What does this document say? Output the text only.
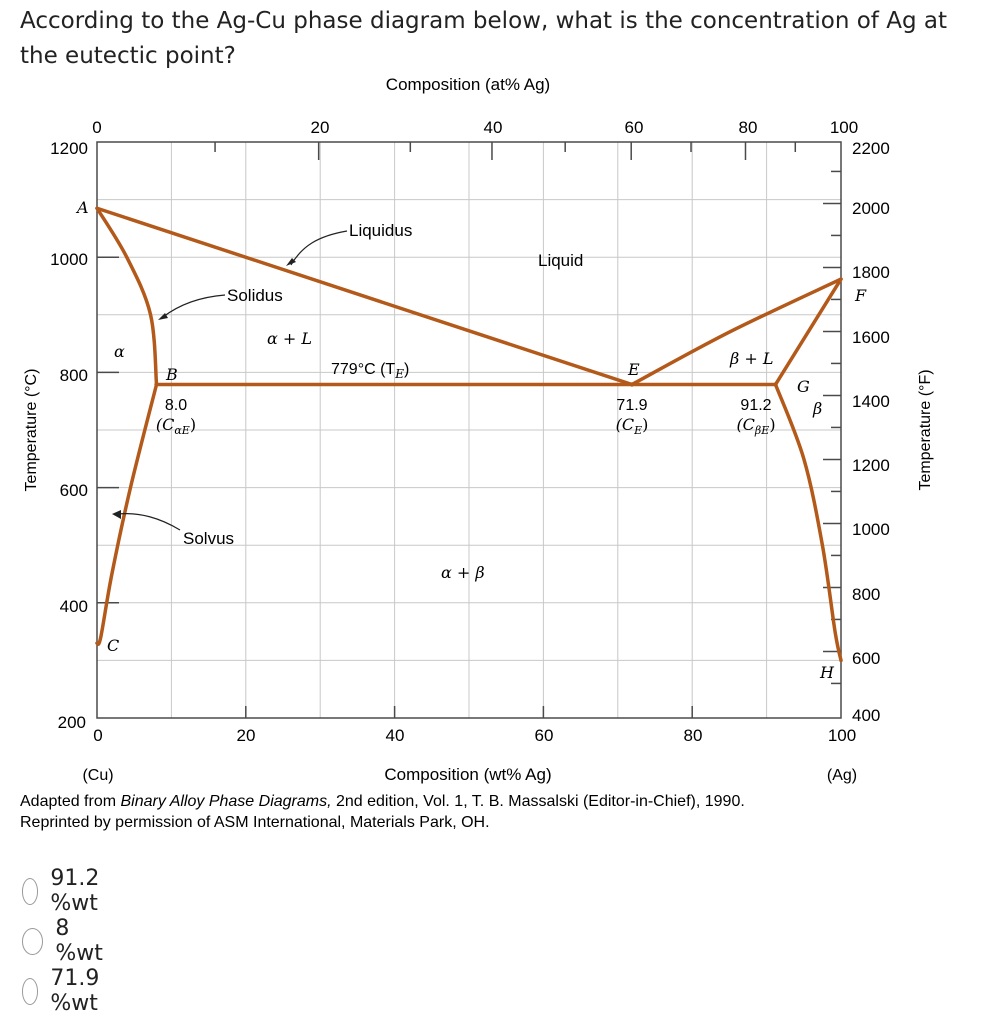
According to the Ag-Cu phase diagram below, what is the concentration of Ag at the eutectic point?
Composition (at% Ag)
Composition (wt% Ag)
Temperature (°C)	Temperature (°F)
(Cu)	(Ag)
0	20	40	60	80	100
0	20	40	60	80	100
1200
1000
800
600
400
200
2200
2000
1800
1600
1400
1200
1000
800
600
400
A
B
C
E
F
G
H
α
α + L
β + L
α + β
β
Liquid
Liquidus
Solidus
Solvus
779°C $(T_E)$
8.0
$(C_{\alpha E})$
71.9
$(C_E)$
91.2
$(C_{\beta E})$
Adapted from Binary Alloy Phase Diagrams, 2nd edition, Vol. 1, T. B. Massalski (Editor-in-Chief), 1990.
Reprinted by permission of ASM International, Materials Park, OH.
91.2 %wt
8 %wt
71.9 %wt
